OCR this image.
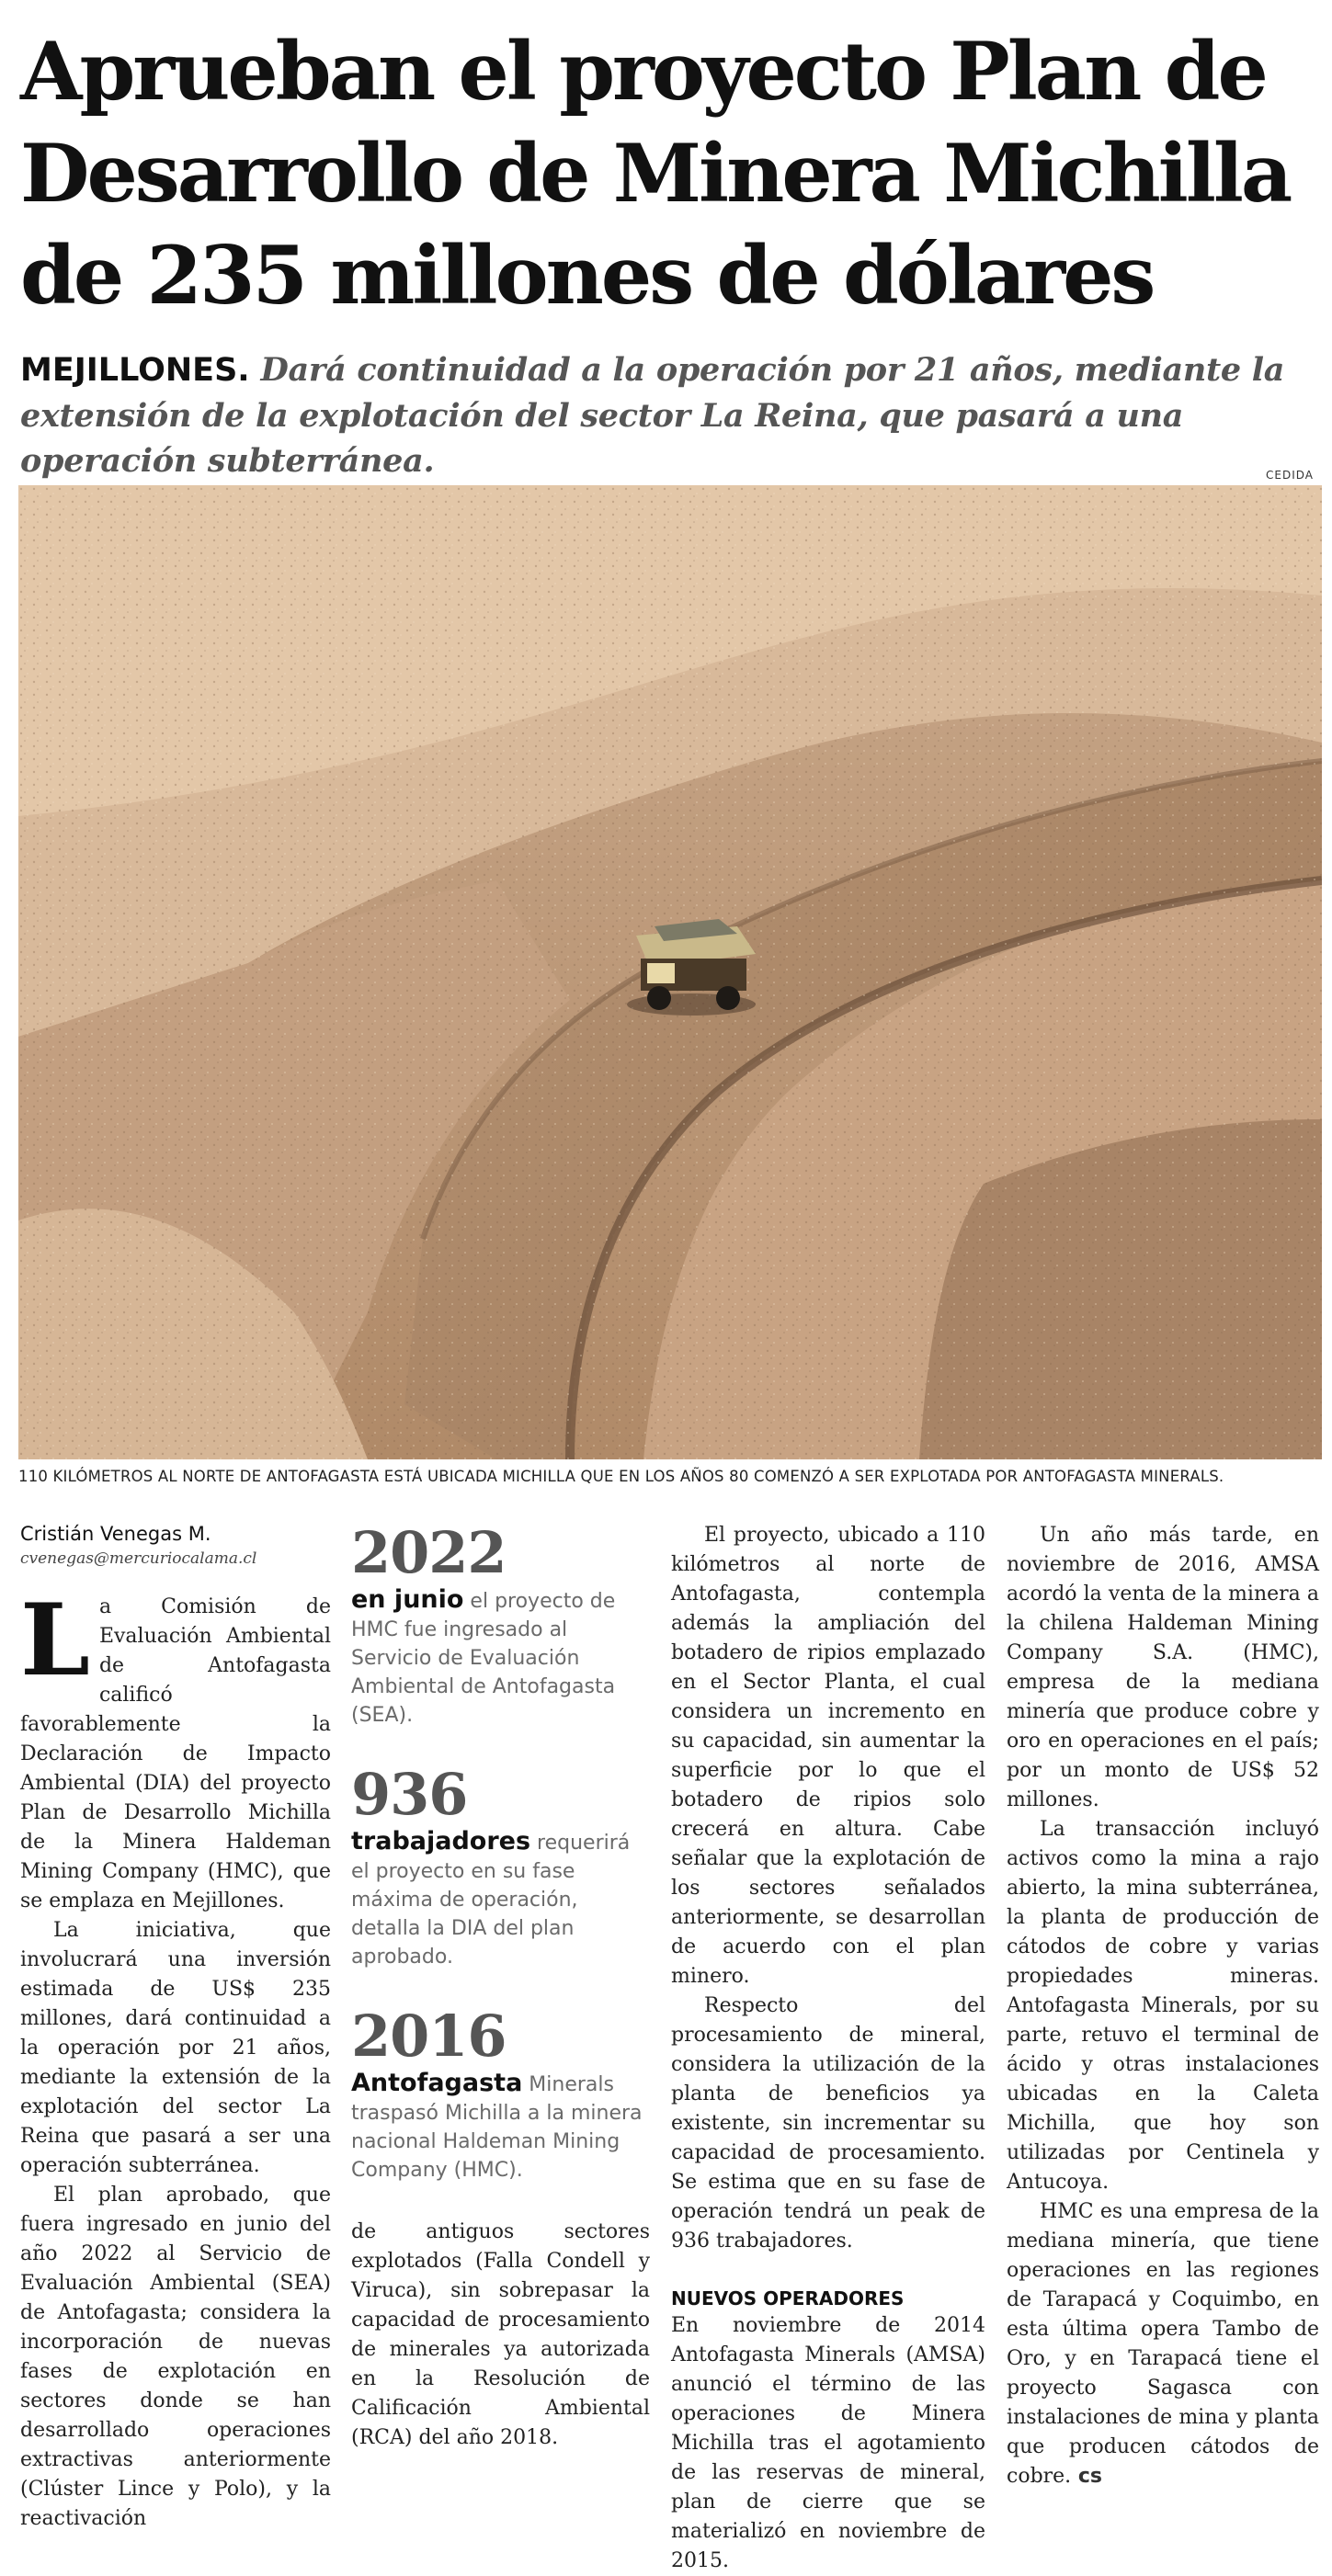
Aprueban el proyecto Plan de Desarrollo de Minera Michilla de 235 millones de dólares

MEJILLONES. Dará continuidad a la operación por 21 años, mediante la extensión de la explotación del sector La Reina, que pasará a una operación subterránea.	CEDIDA
110 KILÓMETROS AL NORTE DE ANTOFAGASTA ESTÁ UBICADA MICHILLA QUE EN LOS AÑOS 80 COMENZÓ A SER EXPLOTADA POR ANTOFAGASTA MINERALS.

Cristián Venegas M.

cvenegas@mercuriocalama.cl

La Comisión de Evaluación Ambiental de Antofagasta calificó favorablemente la Declaración de Impacto Ambiental (DIA) del proyecto Plan de Desarrollo Michilla de la Minera Haldeman Mining Company (HMC), que se emplaza en Mejillones.

La iniciativa, que involucrará una inversión estimada de US$ 235 millones, dará continuidad a la operación por 21 años, mediante la extensión de la explotación del sector La Reina que pasará a ser una operación subterránea.

El plan aprobado, que fuera ingresado en junio del año 2022 al Servicio de Evaluación Ambiental (SEA) de Antofagasta; considera la incorporación de nuevas fases de explotación en sectores donde se han desarrollado operaciones extractivas anteriormente (Clúster Lince y Polo), y la reactivación

2022
en junio el proyecto de HMC fue ingresado al Servicio de Evaluación Ambiental de Antofagasta (SEA).
936
trabajadores requerirá el proyecto en su fase máxima de operación, detalla la DIA del plan aprobado.
2016
Antofagasta Minerals traspasó Michilla a la minera nacional Haldeman Mining Company (HMC).

de antiguos sectores explotados (Falla Condell y Viruca), sin sobrepasar la capacidad de procesamiento de minerales ya autorizada en la Resolución de Calificación Ambiental (RCA) del año 2018.

El proyecto, ubicado a 110 kilómetros al norte de Antofagasta, contempla además la ampliación del botadero de ripios emplazado en el Sector Planta, el cual considera un incremento en su capacidad, sin aumentar la superficie por lo que el botadero de ripios solo crecerá en altura. Cabe señalar que la explotación de los sectores señalados anteriormente, se desarrollan de acuerdo con el plan minero.

Respecto del procesamiento de mineral, considera la utilización de la planta de beneficios ya existente, sin incrementar su capacidad de procesamiento. Se estima que en su fase de operación tendrá un peak de 936 trabajadores.

NUEVOS OPERADORES

En noviembre de 2014 Antofagasta Minerals (AMSA) anunció el término de las operaciones de Minera Michilla tras el agotamiento de las reservas de mineral, plan de cierre que se materializó en noviembre de 2015.

Un año más tarde, en noviembre de 2016, AMSA acordó la venta de la minera a la chilena Haldeman Mining Company S.A. (HMC), empresa de la mediana minería que produce cobre y oro en operaciones en el país; por un monto de US$ 52 millones.

La transacción incluyó activos como la mina a rajo abierto, la mina subterránea, la planta de producción de cátodos de cobre y varias propiedades mineras. Antofagasta Minerals, por su parte, retuvo el terminal de ácido y otras instalaciones ubicadas en la Caleta Michilla, que hoy son utilizadas por Centinela y Antucoya.

HMC es una empresa de la mediana minería, que tiene operaciones en las regiones de Tarapacá y Coquimbo, en esta última opera Tambo de Oro, y en Tarapacá tiene el proyecto Sagasca con instalaciones de mina y planta que producen cátodos de cobre. cs
